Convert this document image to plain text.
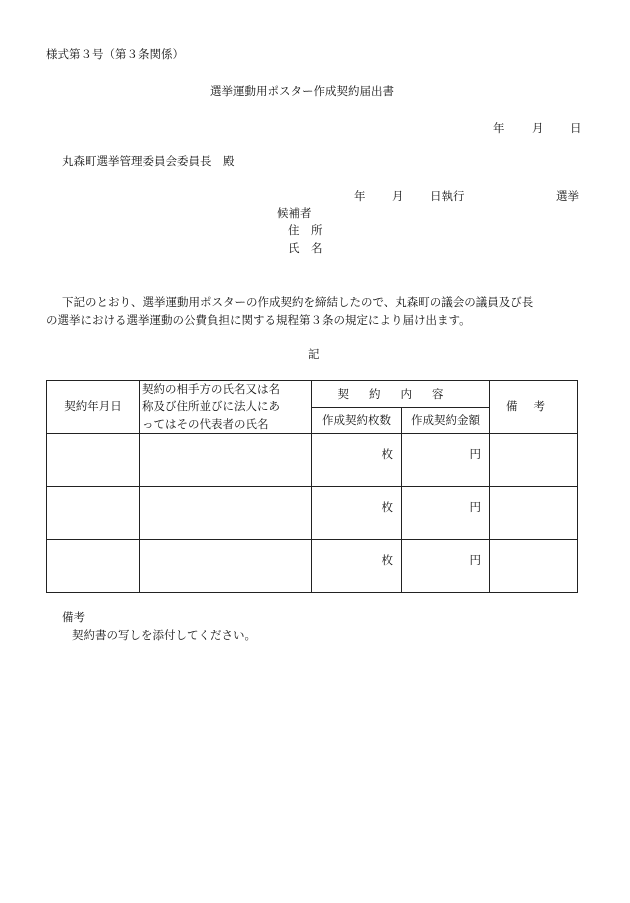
様式第３号（第３条関係）
選挙運動用ポスター作成契約届出書
年 月 日
丸森町選挙管理委員会委員長　殿
年 月 日執行	選挙
候補者
住　所
氏　名
下記のとおり、選挙運動用ポスターの作成契約を締結したので、丸森町の議会の議員及び長
の選挙における選挙運動の公費負担に関する規程第３条の規定により届け出ます。
記
契約年月日	契約の相手方の氏名又は名
称及び住所並びに法人にあ
ってはその代表者の氏名	契約内容		備考
		作成契約枚数	作成契約金額	
		枚	円	
		枚	円	
		枚	円	
備考
契約書の写しを添付してください。
